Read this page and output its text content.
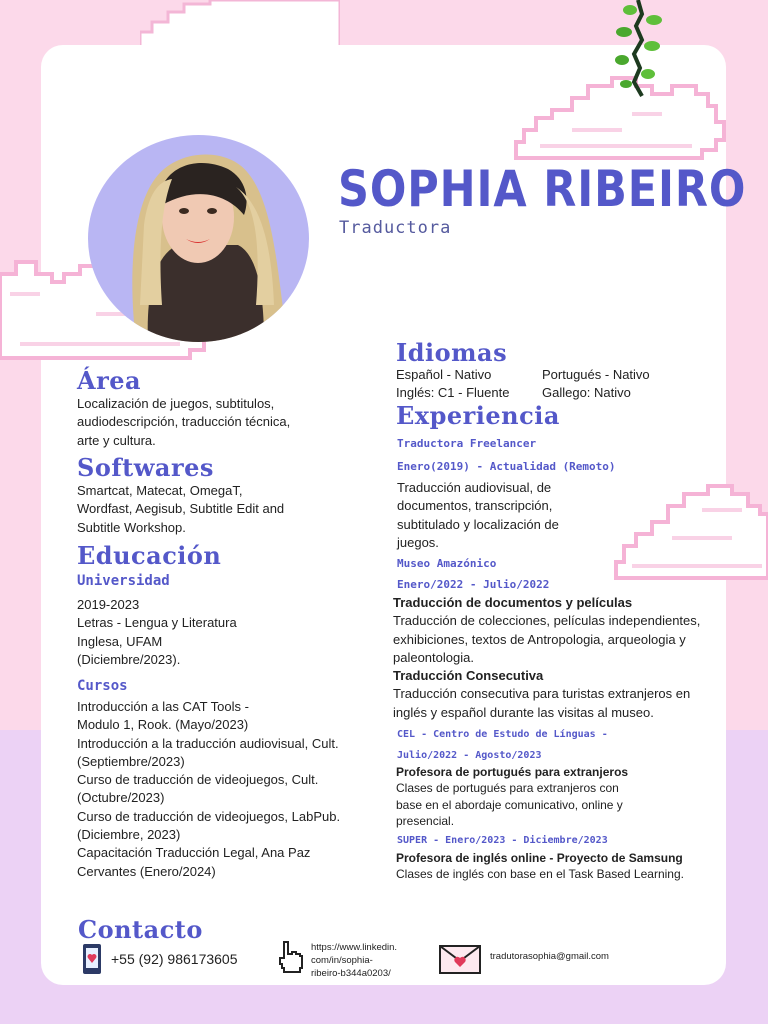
SOPHIA RIBEIRO
Traductora
Área
Localización de juegos, subtitulos,
audiodescripción, traducción técnica,
arte y cultura.
Softwares
Smartcat, Matecat, OmegaT,
Wordfast, Aegisub, Subtitle Edit and
Subtitle Workshop.
Educación
Universidad
2019-2023
Letras - Lengua y Literatura
Inglesa, UFAM
(Diciembre/2023).
Cursos
Introducción a las CAT Tools -
Modulo 1, Rook. (Mayo/2023)
Introducción a la traducción audiovisual, Cult.
(Septiembre/2023)
Curso de traducción de videojuegos, Cult.
(Octubre/2023)
Curso de traducción de videojuegos, LabPub.
(Diciembre, 2023)
Capacitación Traducción Legal, Ana Paz
Cervantes (Enero/2024)
Idiomas
Español - Nativo
Inglés: C1 - Fluente
Portugués - Nativo
Gallego: Nativo
Experiencia
Traductora Freelancer
Enero(2019) - Actualidad (Remoto)
Traducción audiovisual, de
documentos, transcripción,
subtitulado y localización de
juegos.
Museo Amazónico
Enero/2022 - Julio/2022
Traducción de documentos y películas
Traducción de colecciones, películas independientes,
exhibiciones, textos de Antropologia, arqueologia y
paleontologia.
Traducción Consecutiva
Traducción consecutiva para turistas extranjeros en
inglés y español durante las visitas al museo.
CEL - Centro de Estudo de Línguas -
Julio/2022 - Agosto/2023
Profesora de portugués para extranjeros
Clases de portugués para extranjeros con
base en el abordaje comunicativo, online y
presencial.
SUPER - Enero/2023 - Diciembre/2023
Profesora de inglés online - Proyecto de Samsung
Clases de inglés con base en el Task Based Learning.
Contacto
+55 (92) 986173605
https://www.linkedin.
com/in/sophia-
ribeiro-b344a0203/
tradutorasophia@gmail.com
